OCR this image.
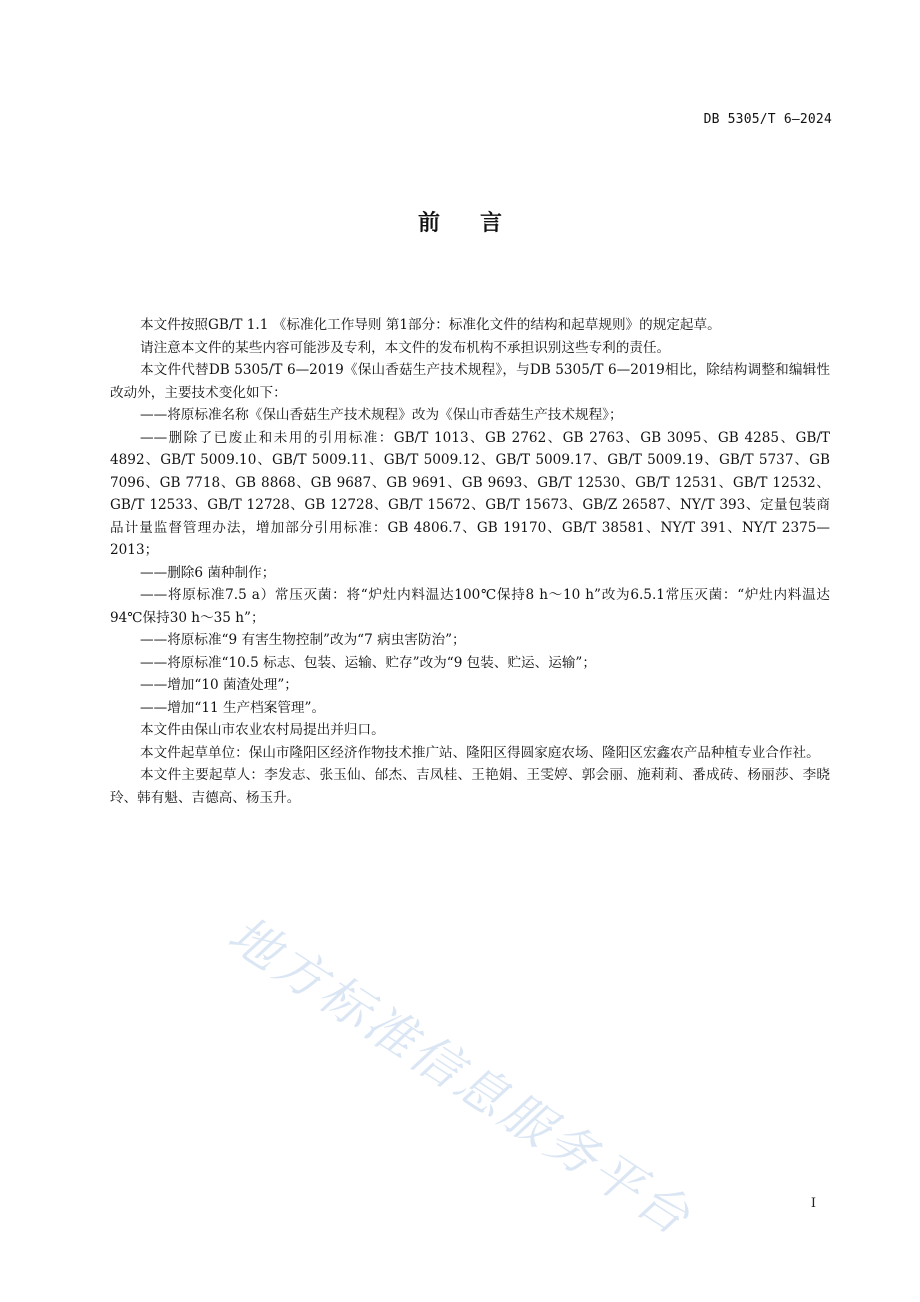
DB 5305/T 6—2024
前言

本文件按照GB/T 1.1 《标准化工作导则 第1部分：标准化文件的结构和起草规则》的规定起草。

请注意本文件的某些内容可能涉及专利，本文件的发布机构不承担识别这些专利的责任。

本文件代替DB 5305/T 6—2019《保山香菇生产技术规程》，与DB 5305/T 6—2019相比，除结构调整和编辑性改动外，主要技术变化如下：

——将原标准名称《保山香菇生产技术规程》改为《保山市香菇生产技术规程》；

——删除了已废止和未用的引用标准：GB/T 1013、GB 2762、GB 2763、GB 3095、GB 4285、GB/T 4892、GB/T 5009.10、GB/T 5009.11、GB/T 5009.12、GB/T 5009.17、GB/T 5009.19、GB/T 5737、GB 7096、GB 7718、GB 8868、GB 9687、GB 9691、GB 9693、GB/T 12530、GB/T 12531、GB/T 12532、GB/T 12533、GB/T 12728、GB 12728、GB/T 15672、GB/T 15673、GB/Z 26587、NY/T 393、定量包装商品计量监督管理办法，增加部分引用标准：GB 4806.7、GB 19170、GB/T 38581、NY/T 391、NY/T 2375—2013；

——删除6 菌种制作；

——将原标准7.5 a）常压灭菌：将“炉灶内料温达100℃保持8 h～10 h”改为6.5.1常压灭菌：“炉灶内料温达94℃保持30 h～35 h”；

——将原标准“9 有害生物控制”改为“7 病虫害防治”；

——将原标准“10.5 标志、包装、运输、贮存”改为“9 包装、贮运、运输”；

——增加“10 菌渣处理”；

——增加“11 生产档案管理”。

本文件由保山市农业农村局提出并归口。

本文件起草单位：保山市隆阳区经济作物技术推广站、隆阳区得圆家庭农场、隆阳区宏鑫农产品种植专业合作社。

本文件主要起草人：李发志、张玉仙、邰杰、吉凤桂、王艳娟、王雯婷、郭会丽、施莉莉、番成砖、杨丽莎、李晓玲、韩有魁、吉德高、杨玉升。

地方标准信息服务平台	I
